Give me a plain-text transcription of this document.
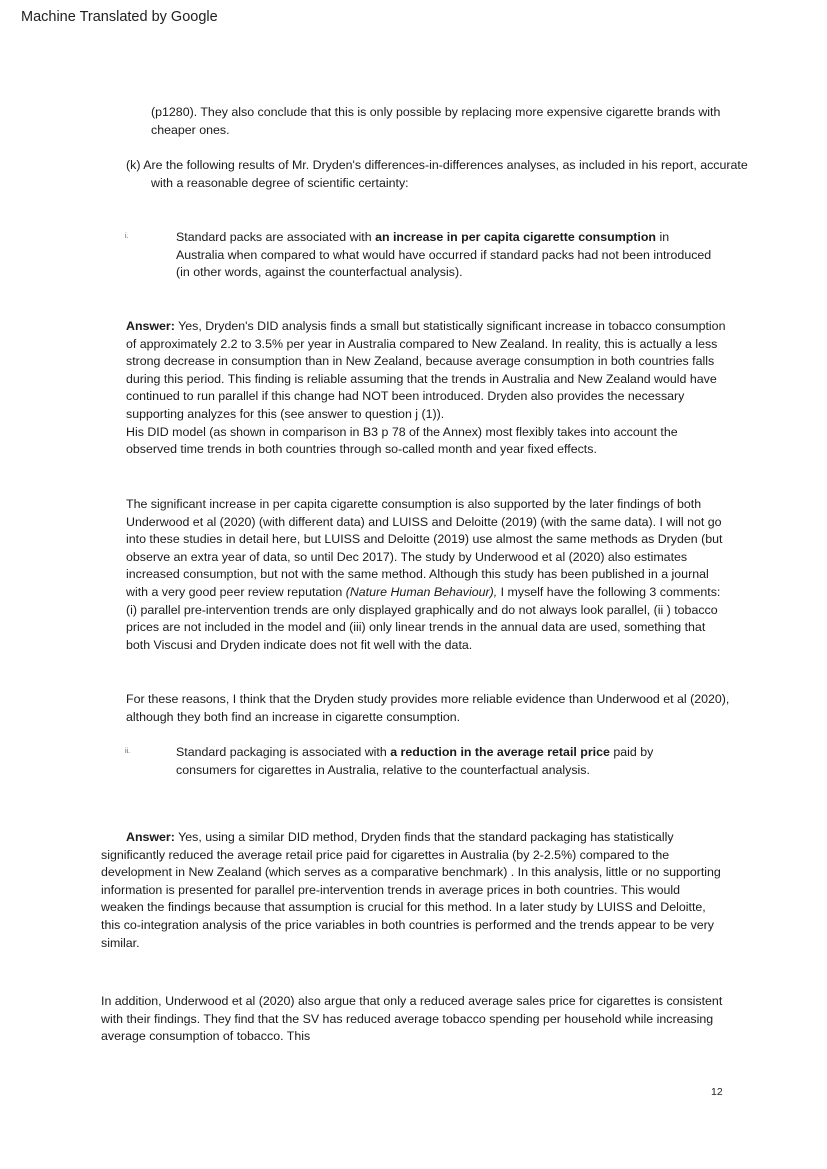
Machine Translated by Google

(p1280). They also conclude that this is only possible by replacing more expensive cigarette brands with cheaper ones.

(k) Are the following results of Mr. Dryden's differences-in-differences analyses, as included in his report, accurate with a reasonable degree of scientific certainty:

i.	Standard packs are associated with an increase in per capita cigarette consumption in Australia when compared to what would have occurred if standard packs had not been introduced (in other words, against the counterfactual analysis).

Answer: Yes, Dryden's DID analysis finds a small but statistically significant increase in tobacco consumption of approximately 2.2 to 3.5% per year in Australia compared to New Zealand. In reality, this is actually a less strong decrease in consumption than in New Zealand, because average consumption in both countries falls during this period. This finding is reliable assuming that the trends in Australia and New Zealand would have continued to run parallel if this change had NOT been introduced. Dryden also provides the necessary supporting analyzes for this (see answer to question j (1)).
His DID model (as shown in comparison in B3 p 78 of the Annex) most flexibly takes into account the observed time trends in both countries through so-called month and year fixed effects.

The significant increase in per capita cigarette consumption is also supported by the later findings of both Underwood et al (2020) (with different data) and LUISS and Deloitte (2019) (with the same data). I will not go into these studies in detail here, but LUISS and Deloitte (2019) use almost the same methods as Dryden (but observe an extra year of data, so until Dec 2017). The study by Underwood et al (2020) also estimates increased consumption, but not with the same method. Although this study has been published in a journal with a very good peer review reputation (Nature Human Behaviour), I myself have the following 3 comments: (i) parallel pre-intervention trends are only displayed graphically and do not always look parallel, (ii ) tobacco prices are not included in the model and (iii) only linear trends in the annual data are used, something that both Viscusi and Dryden indicate does not fit well with the data.

For these reasons, I think that the Dryden study provides more reliable evidence than Underwood et al (2020), although they both find an increase in cigarette consumption.

ii.	Standard packaging is associated with a reduction in the average retail price paid by consumers for cigarettes in Australia, relative to the counterfactual analysis.

Answer: Yes, using a similar DID method, Dryden finds that the standard packaging has statistically significantly reduced the average retail price paid for cigarettes in Australia (by 2-2.5%) compared to the development in New Zealand (which serves as a comparative benchmark) . In this analysis, little or no supporting information is presented for parallel pre-intervention trends in average prices in both countries. This would weaken the findings because that assumption is crucial for this method. In a later study by LUISS and Deloitte, this co-integration analysis of the price variables in both countries is performed and the trends appear to be very similar.

In addition, Underwood et al (2020) also argue that only a reduced average sales price for cigarettes is consistent with their findings. They find that the SV has reduced average tobacco spending per household while increasing average consumption of tobacco. This

12
